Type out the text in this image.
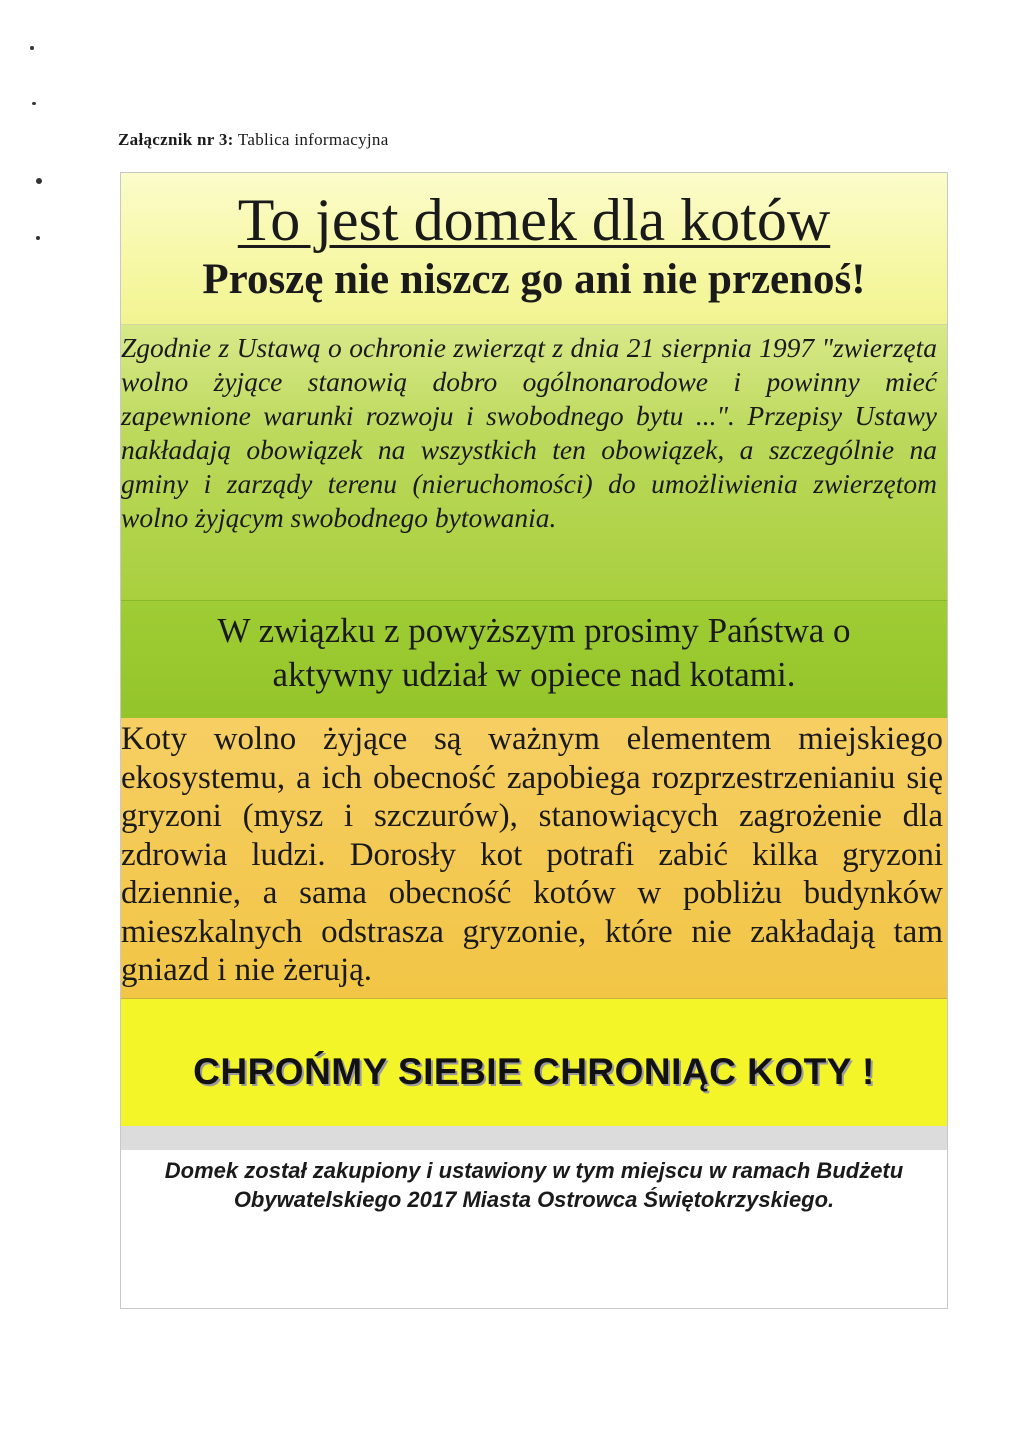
Załącznik nr 3: Tablica informacyjna
To jest domek dla kotów
Proszę nie niszcz go ani nie przenoś!

Zgodnie z Ustawą o ochronie zwierząt z dnia 21 sierpnia 1997 "zwierzęta wolno żyjące stanowią dobro ogólnonarodowe i powinny mieć zapewnione warunki rozwoju i swobodnego bytu ...". Przepisy Ustawy nakładają obowiązek na wszystkich ten obowiązek, a szczególnie na gminy i zarządy terenu (nieruchomości) do umożliwienia zwierzętom wolno żyjącym swobodnego bytowania.

W związku z powyższym prosimy Państwa o aktywny udział w opiece nad kotami.

Koty wolno żyjące są ważnym elementem miejskiego ekosystemu, a ich obecność zapobiega rozprzestrzenianiu się gryzoni (mysz i szczurów), stanowiących zagrożenie dla zdrowia ludzi. Dorosły kot potrafi zabić kilka gryzoni dziennie, a sama obecność kotów w pobliżu budynków mieszkalnych odstrasza gryzonie, które nie zakładają tam gniazd i nie żerują.

CHROŃMY SIEBIE CHRONIĄC KOTY !

Domek został zakupiony i ustawiony w tym miejscu w ramach Budżetu Obywatelskiego 2017 Miasta Ostrowca Świętokrzyskiego.
